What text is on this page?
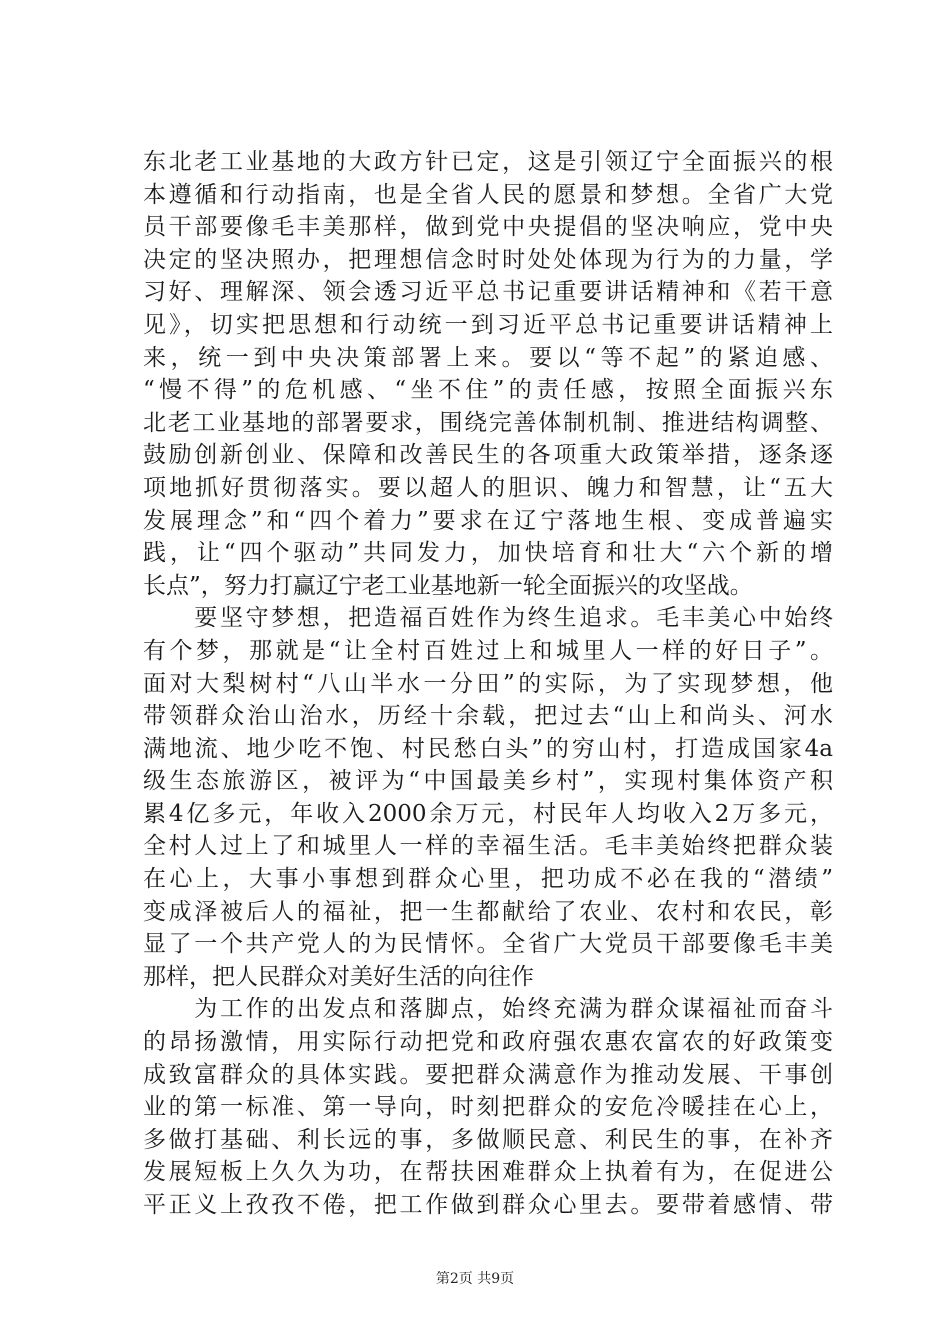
东北老工业基地的大政方针已定，这是引领辽宁全面振兴的根
本遵循和行动指南，也是全省人民的愿景和梦想。全省广大党
员干部要像毛丰美那样，做到党中央提倡的坚决响应，党中央
决定的坚决照办，把理想信念时时处处体现为行为的力量，学
习好、理解深、领会透习近平总书记重要讲话精神和《若干意
见》，切实把思想和行动统一到习近平总书记重要讲话精神上
来，统一到中央决策部署上来。要以“等不起”的紧迫感、
“慢不得”的危机感、“坐不住”的责任感，按照全面振兴东
北老工业基地的部署要求，围绕完善体制机制、推进结构调整、
鼓励创新创业、保障和改善民生的各项重大政策举措，逐条逐
项地抓好贯彻落实。要以超人的胆识、魄力和智慧，让“五大
发展理念”和“四个着力”要求在辽宁落地生根、变成普遍实
践，让“四个驱动”共同发力，加快培育和壮大“六个新的增
长点”，努力打赢辽宁老工业基地新一轮全面振兴的攻坚战。
　　要坚守梦想，把造福百姓作为终生追求。毛丰美心中始终
有个梦，那就是“让全村百姓过上和城里人一样的好日子”。
面对大梨树村“八山半水一分田”的实际，为了实现梦想，他
带领群众治山治水，历经十余载，把过去“山上和尚头、河水
满地流、地少吃不饱、村民愁白头”的穷山村，打造成国家4a
级生态旅游区，被评为“中国最美乡村”，实现村集体资产积
累4亿多元，年收入2000余万元，村民年人均收入2万多元，
全村人过上了和城里人一样的幸福生活。毛丰美始终把群众装
在心上，大事小事想到群众心里，把功成不必在我的“潜绩”
变成泽被后人的福祉，把一生都献给了农业、农村和农民，彰
显了一个共产党人的为民情怀。全省广大党员干部要像毛丰美
那样，把人民群众对美好生活的向往作
　　为工作的出发点和落脚点，始终充满为群众谋福祉而奋斗
的昂扬激情，用实际行动把党和政府强农惠农富农的好政策变
成致富群众的具体实践。要把群众满意作为推动发展、干事创
业的第一标准、第一导向，时刻把群众的安危冷暖挂在心上，
多做打基础、利长远的事，多做顺民意、利民生的事，在补齐
发展短板上久久为功，在帮扶困难群众上执着有为，在促进公
平正义上孜孜不倦，把工作做到群众心里去。要带着感情、带
第2页 共9页
